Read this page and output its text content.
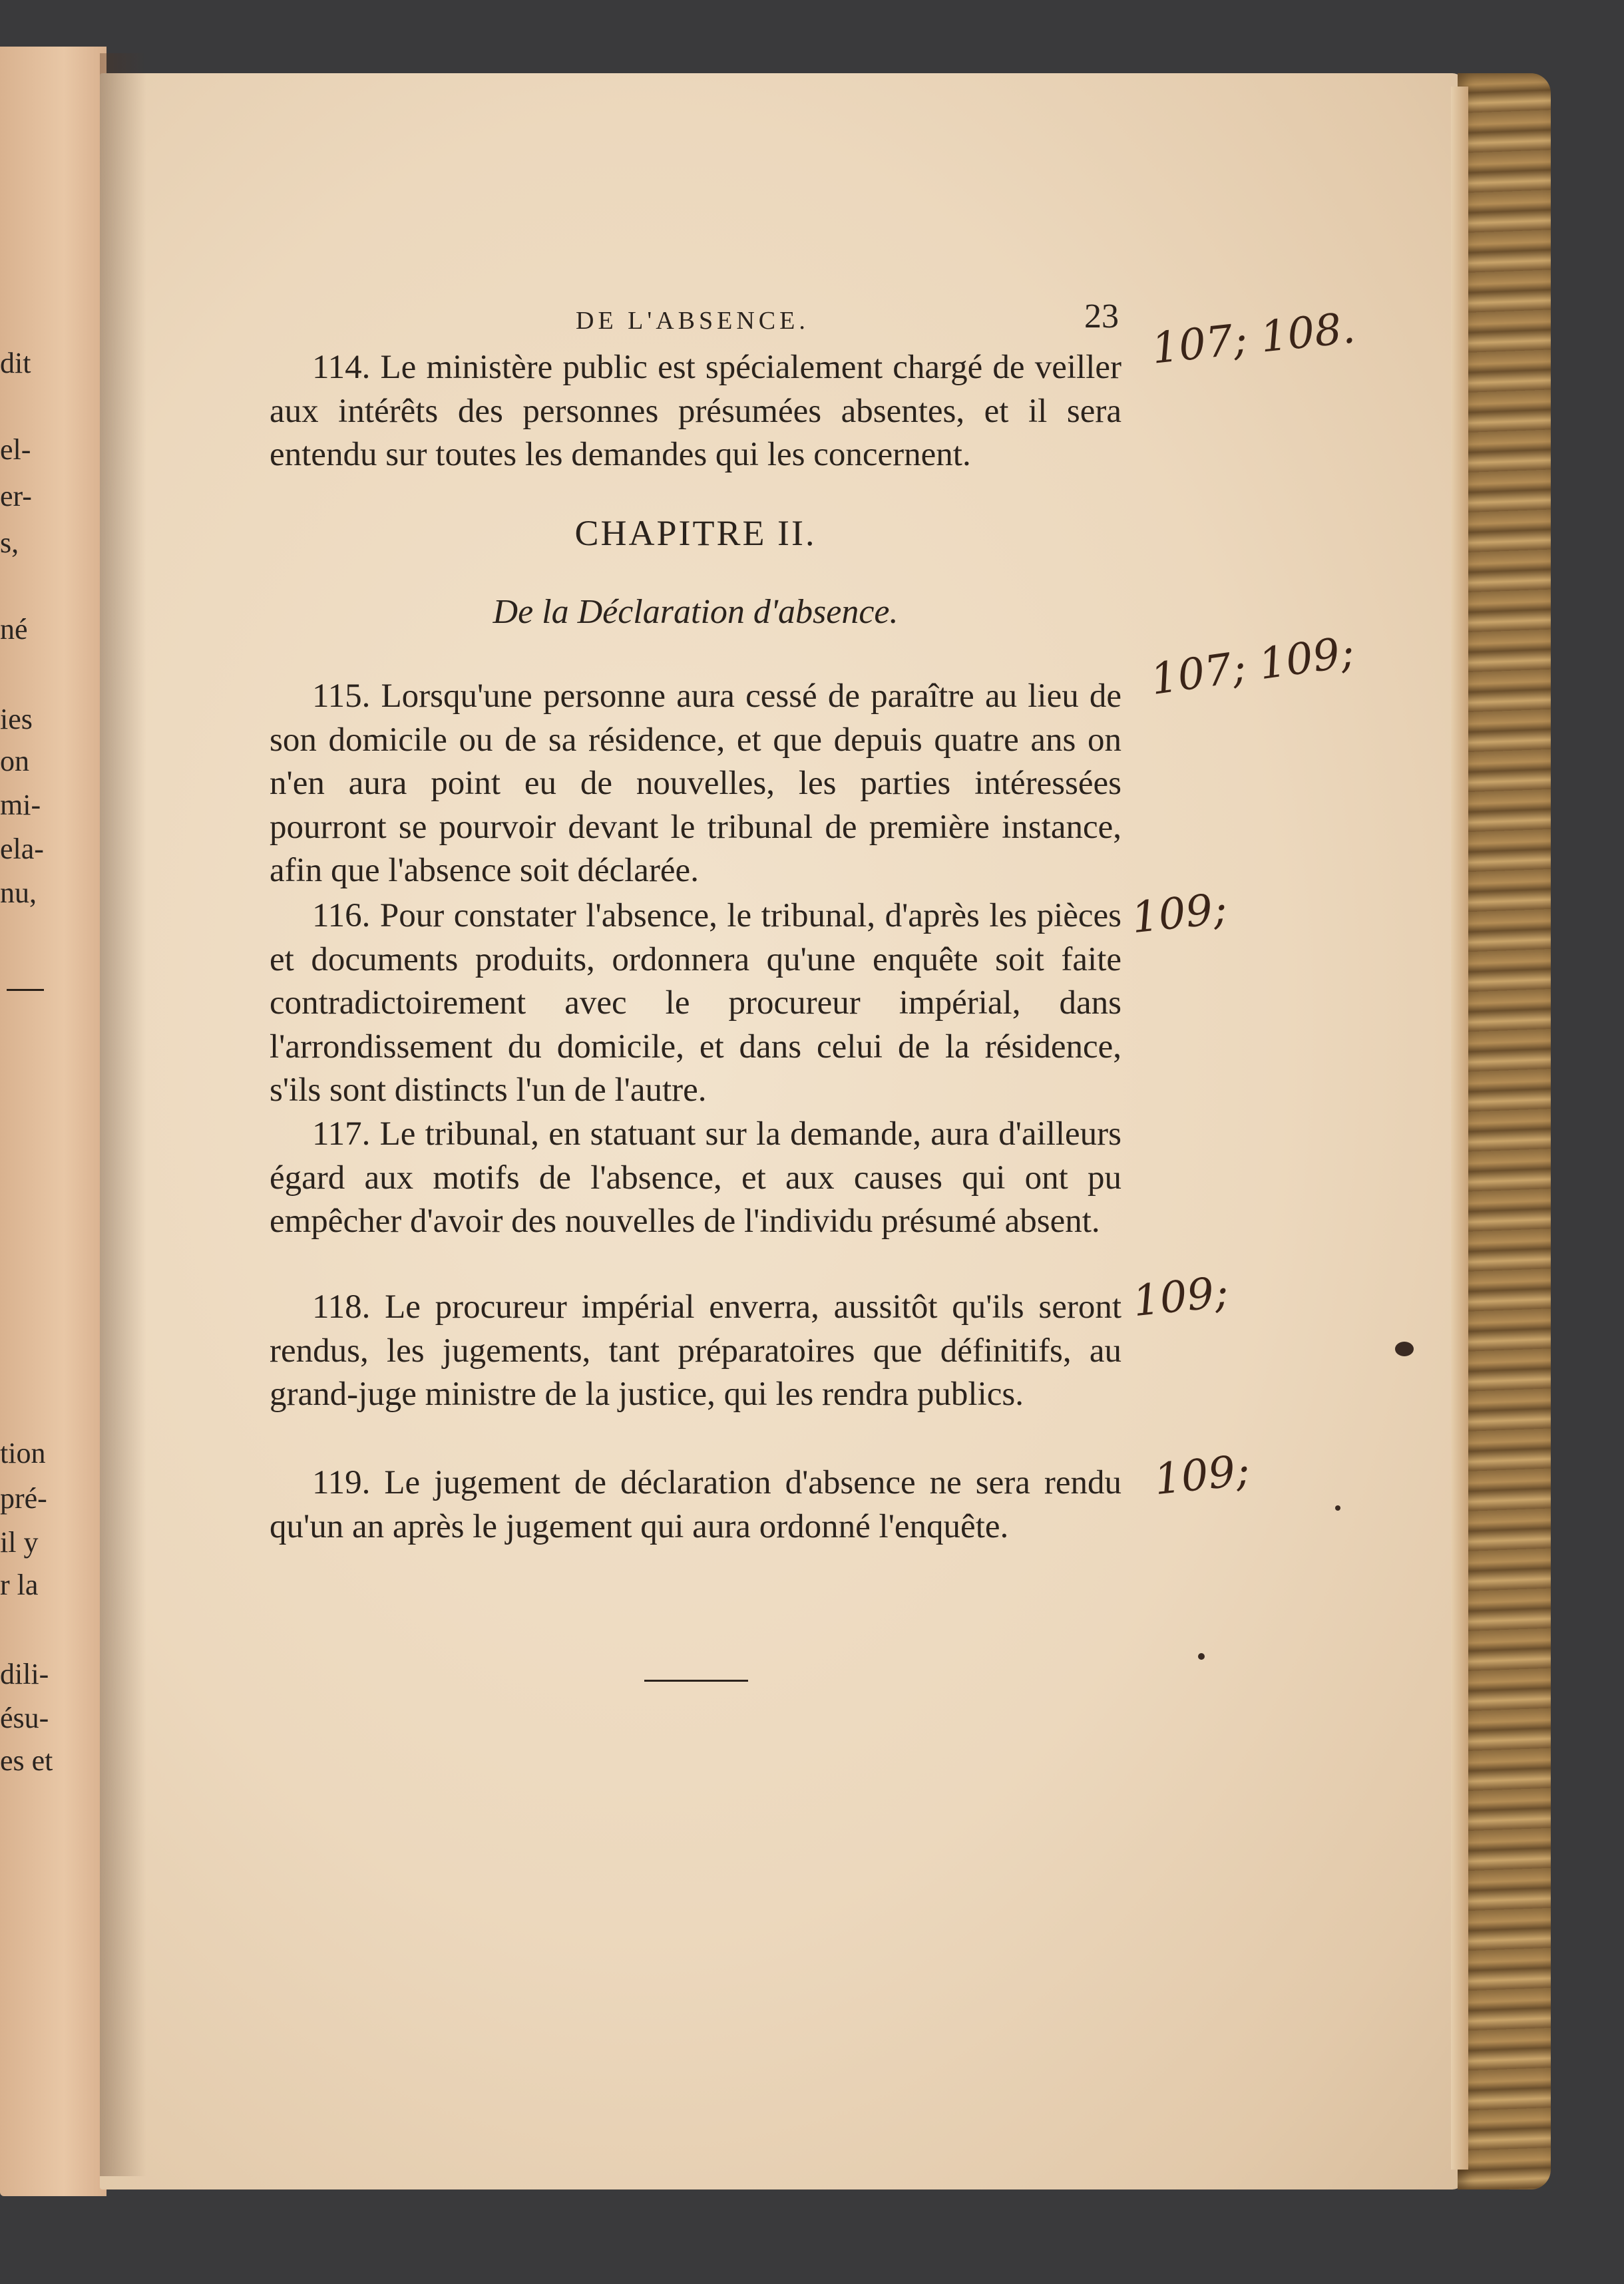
dit
el-
er-
s,
né
ies
on
mi-
ela-
nu,
tion
pré-
il y
r la
dili-
ésu-
es et
DE L'ABSENCE.	23

114. Le ministère public est spécialement chargé de veiller aux intérêts des personnes présumées absentes, et il sera entendu sur toutes les demandes qui les concernent.

CHAPITRE II.
De la Déclaration d'absence.

115. Lorsqu'une personne aura cessé de paraître au lieu de son domicile ou de sa résidence, et que depuis quatre ans on n'en aura point eu de nouvelles, les parties intéressées pourront se pourvoir devant le tribunal de première instance, afin que l'absence soit déclarée.

116. Pour constater l'absence, le tribunal, d'après les pièces et documents produits, ordonnera qu'une enquête soit faite contradictoirement avec le procureur impérial, dans l'arrondissement du domicile, et dans celui de la résidence, s'ils sont distincts l'un de l'autre.

117. Le tribunal, en statuant sur la demande, aura d'ailleurs égard aux motifs de l'absence, et aux causes qui ont pu empêcher d'avoir des nouvelles de l'individu présumé absent.

118. Le procureur impérial enverra, aussitôt qu'ils seront rendus, les jugements, tant préparatoires que définitifs, au grand-juge ministre de la justice, qui les rendra publics.

119. Le jugement de déclaration d'absence ne sera rendu qu'un an après le jugement qui aura ordonné l'enquête.

107; 108.
107; 109;
109;
109;
109;
